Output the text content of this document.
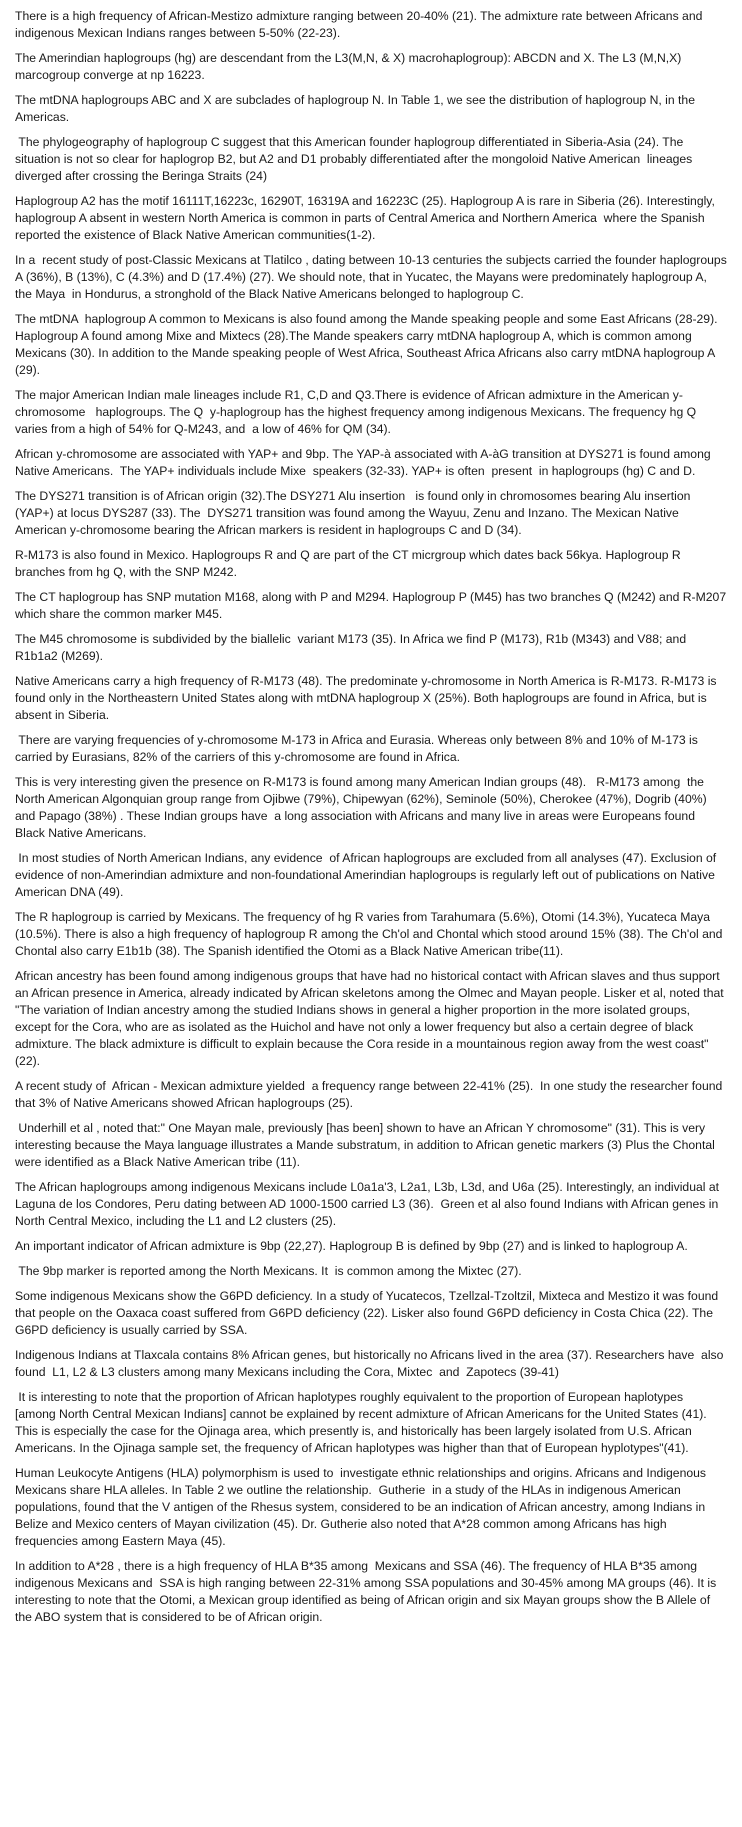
There is a high frequency of African-Mestizo admixture ranging between 20-40% (21). The admixture rate between Africans and indigenous Mexican Indians ranges between 5-50% (22-23).

The Amerindian haplogroups (hg) are descendant from the L3(M,N, & X) macrohaplogroup): ABCDN and X. The L3 (M,N,X) marcogroup converge at np 16223.

The mtDNA haplogroups ABC and X are subclades of haplogroup N. In Table 1, we see the distribution of haplogroup N, in the Americas.

The phylogeography of haplogroup C suggest that this American founder haplogroup differentiated in Siberia-Asia (24). The situation is not so clear for haplogrop B2, but A2 and D1 probably differentiated after the mongoloid Native American  lineages diverged after crossing the Beringa Straits (24)

Haplogroup A2 has the motif 16111T,16223c, 16290T, 16319A and 16223C (25). Haplogroup A is rare in Siberia (26). Interestingly, haplogroup A absent in western North America is common in parts of Central America and Northern America  where the Spanish reported the existence of Black Native American communities(1-2).

In a  recent study of post-Classic Mexicans at Tlatilco , dating between 10-13 centuries the subjects carried the founder haplogroups A (36%), B (13%), C (4.3%) and D (17.4%) (27). We should note, that in Yucatec, the Mayans were predominately haplogroup A, the Maya  in Hondurus, a stronghold of the Black Native Americans belonged to haplogroup C.

The mtDNA  haplogroup A common to Mexicans is also found among the Mande speaking people and some East Africans (28-29). Haplogroup A found among Mixe and Mixtecs (28).The Mande speakers carry mtDNA haplogroup A, which is common among Mexicans (30). In addition to the Mande speaking people of West Africa, Southeast Africa Africans also carry mtDNA haplogroup A (29).

The major American Indian male lineages include R1, C,D and Q3.There is evidence of African admixture in the American y-chromosome   haplogroups. The Q  y-haplogroup has the highest frequency among indigenous Mexicans. The frequency hg Q varies from a high of 54% for Q-M243, and  a low of 46% for QM (34).

African y-chromosome are associated with YAP+ and 9bp. The YAP-à associated with A-àG transition at DYS271 is found among Native Americans.  The YAP+ individuals include Mixe  speakers (32-33). YAP+ is often  present  in haplogroups (hg) C and D.

The DYS271 transition is of African origin (32).The DSY271 Alu insertion   is found only in chromosomes bearing Alu insertion (YAP+) at locus DYS287 (33). The  DYS271 transition was found among the Wayuu, Zenu and Inzano. The Mexican Native American y-chromosome bearing the African markers is resident in haplogroups C and D (34).

R-M173 is also found in Mexico. Haplogroups R and Q are part of the CT micrgroup which dates back 56kya. Haplogroup R branches from hg Q, with the SNP M242.

The CT haplogroup has SNP mutation M168, along with P and M294. Haplogroup P (M45) has two branches Q (M242) and R-M207 which share the common marker M45.

The M45 chromosome is subdivided by the biallelic  variant M173 (35). In Africa we find P (M173), R1b (M343) and V88; and R1b1a2 (M269).

Native Americans carry a high frequency of R-M173 (48). The predominate y-chromosome in North America is R-M173. R-M173 is found only in the Northeastern United States along with mtDNA haplogroup X (25%). Both haplogroups are found in Africa, but is absent in Siberia.

There are varying frequencies of y-chromosome M-173 in Africa and Eurasia. Whereas only between 8% and 10% of M-173 is carried by Eurasians, 82% of the carriers of this y-chromosome are found in Africa.

This is very interesting given the presence on R-M173 is found among many American Indian groups (48).   R-M173 among  the North American Algonquian group range from Ojibwe (79%), Chipewyan (62%), Seminole (50%), Cherokee (47%), Dogrib (40%) and Papago (38%) . These Indian groups have  a long association with Africans and many live in areas were Europeans found Black Native Americans.

In most studies of North American Indians, any evidence  of African haplogroups are excluded from all analyses (47). Exclusion of evidence of non-Amerindian admixture and non-foundational Amerindian haplogroups is regularly left out of publications on Native American DNA (49).

The R haplogroup is carried by Mexicans. The frequency of hg R varies from Tarahumara (5.6%), Otomi (14.3%), Yucateca Maya (10.5%). There is also a high frequency of haplogroup R among the Ch'ol and Chontal which stood around 15% (38). The Ch'ol and Chontal also carry E1b1b (38). The Spanish identified the Otomi as a Black Native American tribe(11).

African ancestry has been found among indigenous groups that have had no historical contact with African slaves and thus support an African presence in America, already indicated by African skeletons among the Olmec and Mayan people. Lisker et al, noted that "The variation of Indian ancestry among the studied Indians shows in general a higher proportion in the more isolated groups, except for the Cora, who are as isolated as the Huichol and have not only a lower frequency but also a certain degree of black admixture. The black admixture is difficult to explain because the Cora reside in a mountainous region away from the west coast" (22).

A recent study of  African - Mexican admixture yielded  a frequency range between 22-41% (25).  In one study the researcher found that 3% of Native Americans showed African haplogroups (25).

Underhill et al , noted that:" One Mayan male, previously [has been] shown to have an African Y chromosome" (31). This is very interesting because the Maya language illustrates a Mande substratum, in addition to African genetic markers (3) Plus the Chontal were identified as a Black Native American tribe (11).

The African haplogroups among indigenous Mexicans include L0a1a'3, L2a1, L3b, L3d, and U6a (25). Interestingly, an individual at Laguna de los Condores, Peru dating between AD 1000-1500 carried L3 (36).  Green et al also found Indians with African genes in North Central Mexico, including the L1 and L2 clusters (25).

An important indicator of African admixture is 9bp (22,27). Haplogroup B is defined by 9bp (27) and is linked to haplogroup A.

The 9bp marker is reported among the North Mexicans. It  is common among the Mixtec (27).

Some indigenous Mexicans show the G6PD deficiency. In a study of Yucatecos, Tzellzal-Tzoltzil, Mixteca and Mestizo it was found that people on the Oaxaca coast suffered from G6PD deficiency (22). Lisker also found G6PD deficiency in Costa Chica (22). The G6PD deficiency is usually carried by SSA.

Indigenous Indians at Tlaxcala contains 8% African genes, but historically no Africans lived in the area (37). Researchers have  also found  L1, L2 & L3 clusters among many Mexicans including the Cora, Mixtec  and  Zapotecs (39-41)

It is interesting to note that the proportion of African haplotypes roughly equivalent to the proportion of European haplotypes [among North Central Mexican Indians] cannot be explained by recent admixture of African Americans for the United States (41). This is especially the case for the Ojinaga area, which presently is, and historically has been largely isolated from U.S. African Americans. In the Ojinaga sample set, the frequency of African haplotypes was higher than that of European hyplotypes"(41).

Human Leukocyte Antigens (HLA) polymorphism is used to  investigate ethnic relationships and origins. Africans and Indigenous Mexicans share HLA alleles. In Table 2 we outline the relationship.  Gutherie  in a study of the HLAs in indigenous American populations, found that the V antigen of the Rhesus system, considered to be an indication of African ancestry, among Indians in Belize and Mexico centers of Mayan civilization (45). Dr. Gutherie also noted that A*28 common among Africans has high frequencies among Eastern Maya (45).

In addition to A*28 , there is a high frequency of HLA B*35 among  Mexicans and SSA (46). The frequency of HLA B*35 among indigenous Mexicans and  SSA is high ranging between 22-31% among SSA populations and 30-45% among MA groups (46). It is interesting to note that the Otomi, a Mexican group identified as being of African origin and six Mayan groups show the B Allele of the ABO system that is considered to be of African origin.
